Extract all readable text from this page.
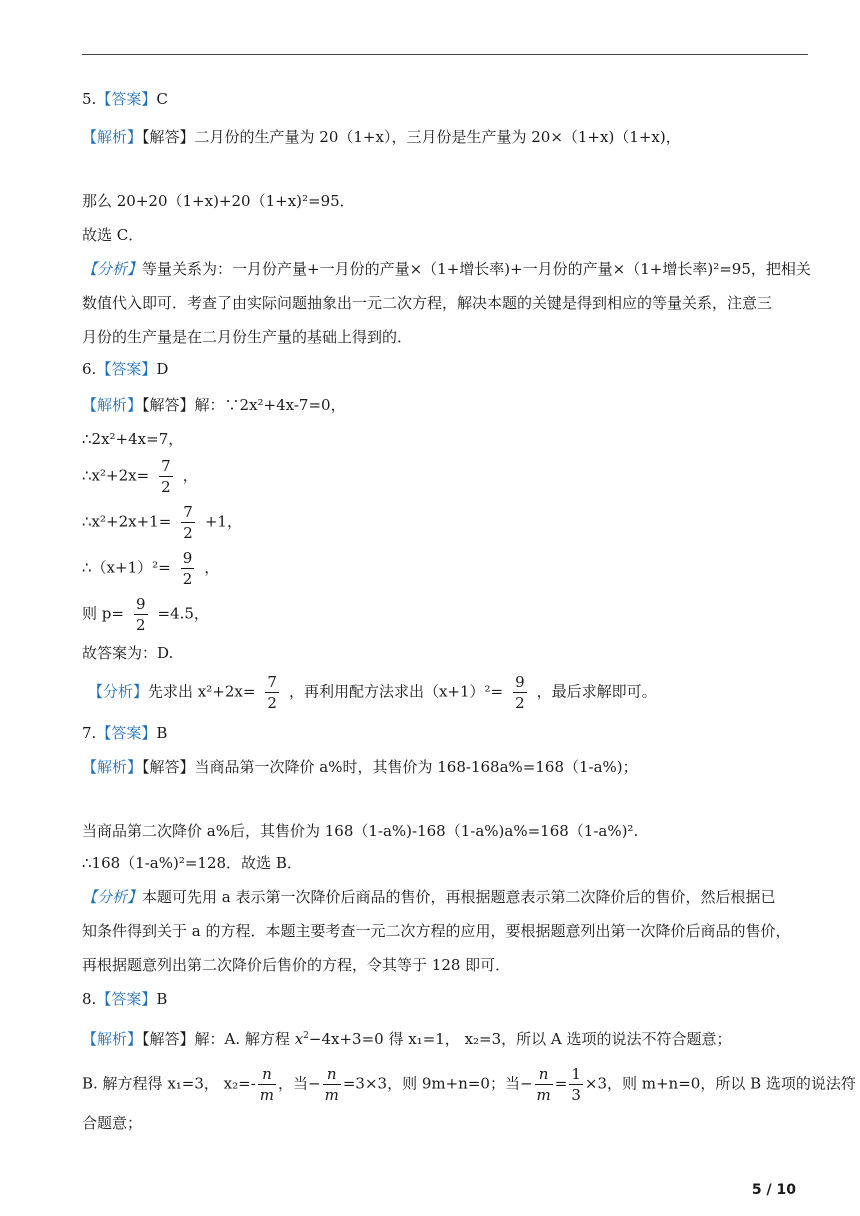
5.【答案】C
【解析】【解答】二月份的生产量为 20（1+x），三月份是生产量为 20×（1+x)（1+x)，
那么 20+20（1+x)+20（1+x)²=95．
故选 C．
【分析】等量关系为：一月份产量+一月份的产量×（1+增长率)+一月份的产量×（1+增长率)²=95，把相关
数值代入即可．考查了由实际问题抽象出一元二次方程，解决本题的关键是得到相应的等量关系，注意三
月份的生产量是在二月份生产量的基础上得到的．
6.【答案】D
【解析】【解答】解：∵2x²+4x-7=0，
∴2x²+4x=7，
∴x²+2x= $\frac{7}{2}$ ，
∴x²+2x+1= $\frac{7}{2} +1$，
∴（x+1）²= $\frac{9}{2}$ ，
则 $p= \frac{9}{2} =4.5$，
故答案为：D.
【分析】先求出 $x^2+2x= \frac{7}{2}$ ，再利用配方法求出$(x+1)^2= \frac{9}{2}$ ，最后求解即可。
7.【答案】B
【解析】【解答】当商品第一次降价 a%时，其售价为 168-168a%=168（1-a%)；
当商品第二次降价 a%后，其售价为 168（1-a%)-168（1-a%)a%=168（1-a%)².
∴168（1-a%)²=128．故选 B．
【分析】本题可先用 a 表示第一次降价后商品的售价，再根据题意表示第二次降价后的售价，然后根据已
知条件得到关于 a 的方程．本题主要考查一元二次方程的应用，要根据题意列出第一次降价后商品的售价，
再根据题意列出第二次降价后售价的方程，令其等于 128 即可．
8.【答案】B
【解析】【解答】解：A. 解方程 $x^2-4x+3=0$ 得 x₁=1， x₂=3，所以 A 选项的说法不符合题意；
B. 解方程得 x₁=3， $x_2=- \frac{n}{m}$ ，当− $\frac{n}{m} =3\times 3$，则 9m+n=0；当− $\frac{n}{m} = \frac{1}{3} \times 3$，则 m+n=0，所以 B 选项的说法符
合题意；
5 / 10
